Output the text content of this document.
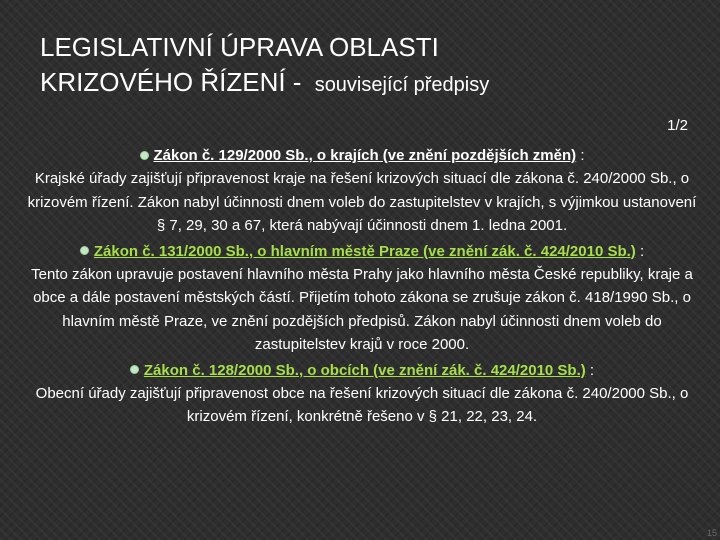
LEGISLATIVNÍ ÚPRAVA OBLASTI
KRIZOVÉHO ŘÍZENÍ - související předpisy
1/2
Zákon č. 129/2000 Sb., o krajích (ve znění pozdějších změn) :
Krajské úřady zajišťují připravenost kraje na řešení krizových situací dle zákona č. 240/2000 Sb., o krizovém řízení. Zákon nabyl účinnosti dnem voleb do zastupitelstev v krajích, s výjimkou ustanovení § 7, 29, 30 a 67, která nabývají účinnosti dnem 1. ledna 2001.
Zákon č. 131/2000 Sb., o hlavním městě Praze (ve znění zák. č. 424/2010 Sb.) :
Tento zákon upravuje postavení hlavního města Prahy jako hlavního města České republiky, kraje a obce a dále postavení městských částí. Přijetím tohoto zákona se zrušuje zákon č. 418/1990 Sb., o hlavním městě Praze, ve znění pozdějších předpisů. Zákon nabyl účinnosti dnem voleb do zastupitelstev krajů v roce 2000.
Zákon č. 128/2000 Sb., o obcích (ve znění zák. č. 424/2010 Sb.) :
Obecní úřady zajišťují připravenost obce na řešení krizových situací dle zákona č. 240/2000 Sb., o krizovém řízení, konkrétně řešeno v § 21, 22, 23, 24.
15
